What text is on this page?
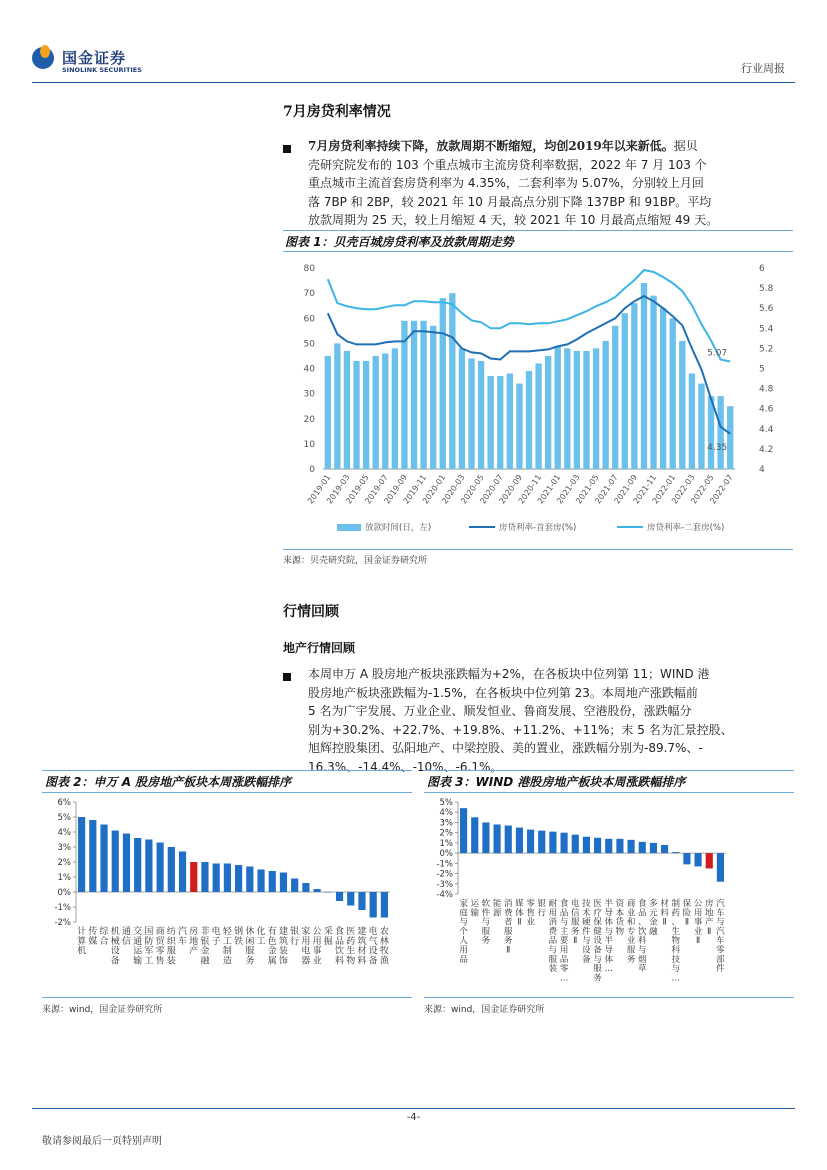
国金证券
SINOLINK SECURITIES	行业周报
7月房贷利率情况
7月房贷利率持续下降，放款周期不断缩短，均创2019年以来新低。据贝
壳研究院发布的 103 个重点城市主流房贷利率数据，2022 年 7 月 103 个
重点城市主流首套房贷利率为 4.35%，二套利率为 5.07%，分别较上月回
落 7BP 和 2BP，较 2021 年 10 月最高点分别下降 137BP 和 91BP。平均
放款周期为 25 天，较上月缩短 4 天，较 2021 年 10 月最高点缩短 49 天。
图表 1：贝壳百城房贷利率及放款周期走势
0
10
20
30
40
50
60
70
80
4
4.2
4.4
4.6
4.8
5
5.2
5.4
5.6
5.8
6
5.07
4.35
2019-01
2019-03
2019-05
2019-07
2019-09
2019-11
2020-01
2020-03
2020-05
2020-07
2020-09
2020-11
2021-01
2021-03
2021-05
2021-07
2021-09
2021-11
2022-01
2022-03
2022-05
2022-07
放款时间(日，左)	房贷利率-首套房(%)	房贷利率-二套房(%)
来源：贝壳研究院，国金证券研究所
行情回顾
地产行情回顾
本周申万 A 股房地产板块涨跌幅为+2%，在各板块中位列第 11；WIND 港
股房地产板块涨跌幅为-1.5%，在各板块中位列第 23。本周地产涨跌幅前
5 名为广宇发展、万业企业、顺发恒业、鲁商发展、空港股份，涨跌幅分
别为+30.2%、+22.7%、+19.8%、+11.2%、+11%；末 5 名为汇景控股、
旭辉控股集团、弘阳地产、中梁控股、美的置业，涨跌幅分别为-89.7%、-
16.3%、-14.4%、-10%、-6.1%。
图表 2：申万 A 股房地产板块本周涨跌幅排序
-2%
-1%
0%
1%
2%
3%
4%
5%
6%
计算机
传媒
综合
机械设备
通信
交通运输
国防军工
商贸零售
纺织服装
汽车
房地产
非银金融
电子
轻工制造
钢铁
休闲服务
化工
有色金属
建筑装饰
银行
家用电器
公用事业
采掘
食品饮料
医药生物
建筑材料
电气设备
农林牧渔
来源：wind，国金证券研究所
图表 3：WIND 港股房地产板块本周涨跌幅排序
-4%
-3%
-2%
-1%
0%
1%
2%
3%
4%
5%
家庭与个人用品
运输
软件与服务
能源
消费者服务 Ⅱ
媒体 Ⅱ
零售业
银行
耐用消费品与服装
食品与主要用品零…
电信服务 Ⅱ
技术硬件与设备
医疗保健设备与服务
半导体与半导体…
资本货物
商业和专业服务
食品、饮料与烟草
多元金融
材料 Ⅱ
制药、生物科技与…
保险 Ⅱ
公用事业 Ⅱ
房地产 Ⅱ
汽车与汽车零部件
来源：wind，国金证券研究所
-4-
敬请参阅最后一页特别声明
